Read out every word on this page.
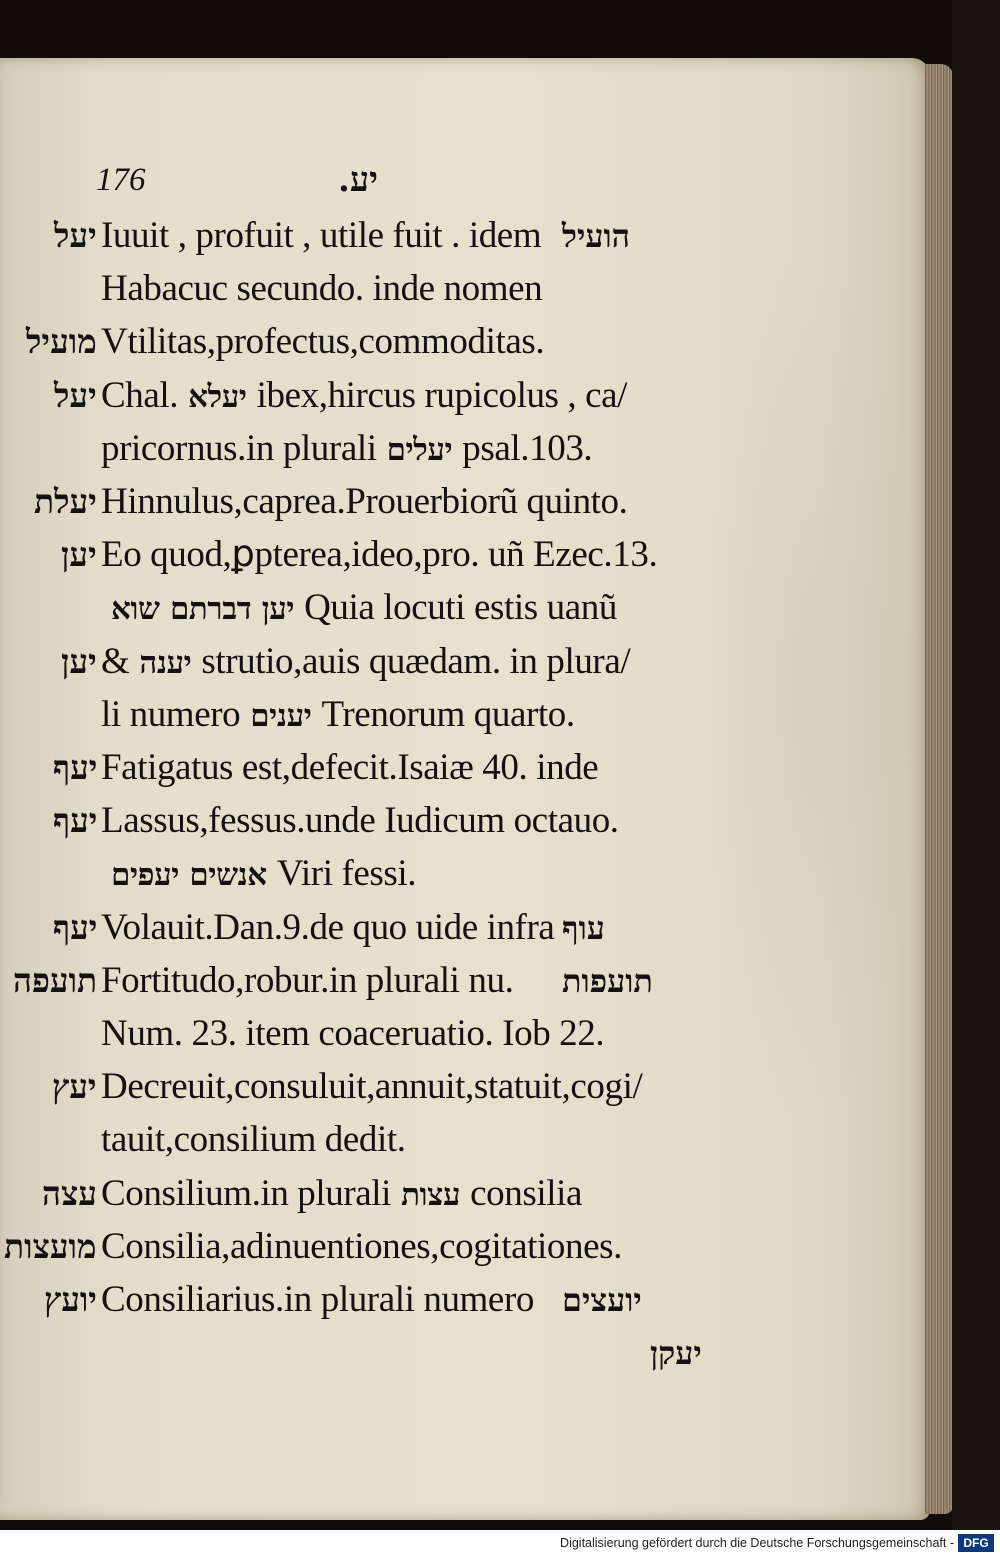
176	יע.
יעל Iuuit , profuit , utile fuit . idem הועיל
Habacuc secundo. inde nomen
מועיל Vtilitas,profectus,commoditas.
יעל Chal. יעלא ibex,hircus rupicolus , ca/
pricornus.in plurali יעלים psal.103.
יעלת Hinnulus,caprea.Prouerbiorũ quinto.
יען Eo quod,ꝑpterea,ideo,pro. uñ Ezec.13.
יען דברתם שוא Quia locuti estis uanũ
יען & יענה strutio,auis quædam. in plura/
li numero יענים Trenorum quarto.
יעף Fatigatus est,defecit.Isaiæ 40. inde
יעף Lassus,fessus.unde Iudicum octauo.
אנשים יעפים Viri fessi.
יעף Volauit.Dan.9.de quo uide infra עוף
תועפה Fortitudo,robur.in plurali nu. תועפות
Num. 23. item coaceruatio. Iob 22.
יעץ Decreuit,consuluit,annuit,statuit,cogi/
tauit,consilium dedit.
עצה Consilium.in plurali עצות consilia
מועצות Consilia,adinuentiones,cogitationes.
יועץ Consiliarius.in plurali numero יועצים
יעקן
Digitalisierung gefördert durch die Deutsche Forschungsgemeinschaft - DFG
